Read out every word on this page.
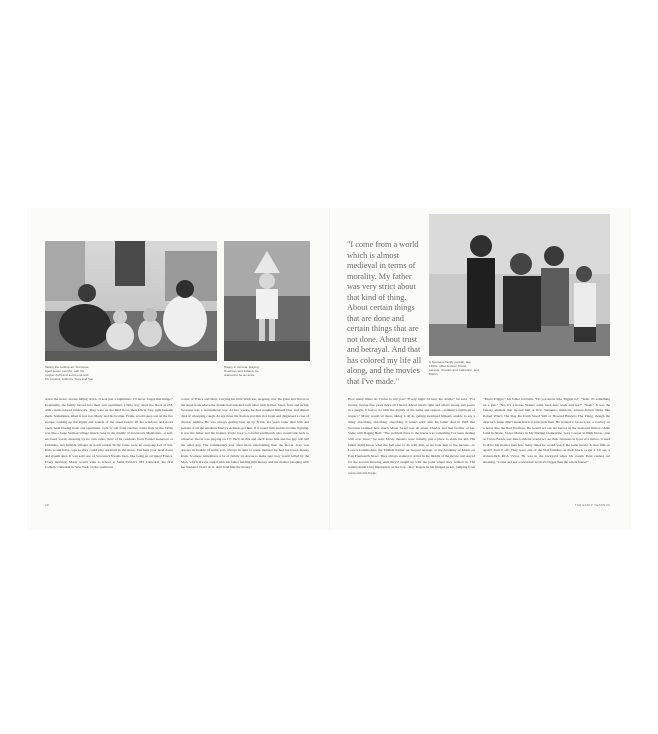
Taking the rooftop air, Scorsese, aged seven months, with his mother (left) and aunt Lena and his cousins, Anthony, Tony and Sal

Happy in Corona: playing Cowboys and Indians, he claimed to be an actor.

"I come from a world which is almost medieval in terms of morality. My father was very strict about that kind of thing. About certain things that are done and certain things that are not done. About trust and betrayal. And that has colored my life all along, and the movies that I've made."

A Scorsese family portrait, late 1940s: older brother, Frank, parents, Charles and Catherine, and Martin.

down the street, stories falling down. It was just a nightmare. I'll never forget that image." Eventually, the family moved into their own apartment, a little way down the block at 253, with cream-colored brickwork. They were on the third floor, their Uncle Joey right beneath them. Sometimes, when it was hot, Marty and his brother, Frank, would sleep out on the fire escape, soaking up the sights and sounds of the street below, all the windows and doors open, Aida blaring from one apartment, rock 'n' roll from another. Little Italy in the 1950s was like a large Sicilian village smack bang in the middle of downtown Manhattan—a self-enclosed world, meaning by its own rules, most of its residents from Polizzi Generosa or Cimmina, two hillside villages in north central Sicily. Guns were an everyday fact of life. Kids would bribe cops so they could play stickball in the street. You kept your head down and mouth shut. It was said one of Scorsese's friends later, like being in occupied France. Every morning, Marty would walk to school at Saint Patrick's Old Cathedral, the first Catholic cathedral in New York, on the southwest

corner of Prince and Mott, carrying his little briefcase, stepping over the glass and blood on the street from where the drunks had attacked each other with bottles. Short, frail, and sickly, Scorsese was a neurasthenic boy. At two weeks, he had coughed himself blue and almost died of whooping cough. At age three the doctors put him in a room and diagnosed a case of chronic asthma. He was always getting beat up by Frank, six years older than him and jealous of all the attention Marty's sickness got him. If it wasn't him and his brother fighting, it was his father and his brother. Uncle Joey, a colorful loudmouth who would talk back to whatever movie was playing on TV: He'll do this and she'll leave him and the guy will kill the other guy. The commentary was often more entertaining than the movie. Joey was always in trouble of some sort, always in debt to some mobster he had borrowed money from. Scorsese remembers a lot of family sit-downs to make sure Joey wasn't killed by the Mob, which always ended with his father lending him money and his mother pleading with her husband. Don't do it, don't lend him the money!

How many times do I have to tell you? "Every night I'd hear the drama," he said. "For twenty, twenty-five years that's all I heard. About what's right and what's wrong and you're in a jungle. It had to do with the dignity of the name and respect—walking a tightrope of respect." Marty would sit there, taking it all in, getting swamped himself, unable to say a thing: absorbing, absorbing, absorbing. It wasn't until after his father died in 1993 that Scorsese realized how much Moon Street was all about Charles and that brother of his. Same with Raging Bull: "The problem there is the house was something I've been dealing with ever since," he said. Movie theaters were initially just a place to stash the kid. His father didn't know what the hell else to do with him, so he took him to the movies—to Loew's Commodore, the Yiddish theater on Second Avenue, or the Academy of Music on East Fourteenth Street. They always wanted to arrive in the middle of the movie, and stayed for the second showing until they'd caught up with the point where they walked in. The trailers made a big impression on the boy—Roy Rogers in his fringed jacket, jumping from a tree onto his horse.

"That's Trigger," his father told him. "Do you know who Trigger is?" "Yeah, it's something on a gun." "No, it's a horse. Wanna come back next week and see?" "Yeah." It was the fantasy element that moved him at first. Westerns, musicals, science-fiction flicks like Robert Wise's The Day the Earth Stood Still or Howard Hawks's The Thing, though the director's name didn't mean much to him back then. He wanted to be an actor, a cowboy on a horse like the Red Wolfcon. He would act out his heroes in the bedroom mirror—Alan Ladd in Shane, Victor Mature in My Darling Clementine, Gary Cooper in High Noon—just as Travis Bickle and Jake LaMotta would act out their fantasies in front of a mirror. It used to drive his mother nuts how many times he would watch the same movie. Is that film on again? Turn it off! They were one of the first families on their block to get a TV set, a sixteen-inch RCA Victor. He was in the backyard when his cousin Peter rushed out shouting, "Come and see a television set that's bigger than the whole house!"

28	THE EARLY YEARS 29
